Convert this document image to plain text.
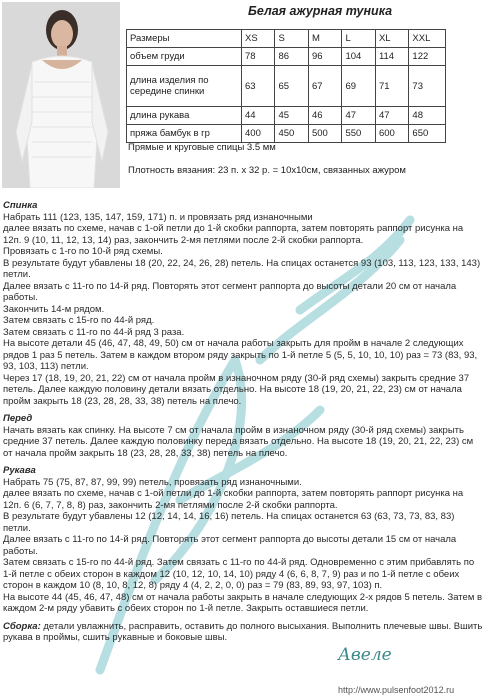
Белая ажурная туника
Размеры	XS	S	M	L	XL	XXL
объем груди	78	86	96	104	114	122
длина изделия по середине спинки	63	65	67	69	71	73
длина рукава	44	45	46	47	47	48
пряжа бамбук в гр	400	450	500	550	600	650
Прямые и круговые спицы 3.5 мм
Плотность вязания: 23 п. х 32 р. = 10х10см, связанных ажуром
Спинка

Набрать 111 (123, 135, 147, 159, 171) п. и провязать ряд изнаночными

далее вязать по схеме, начав с 1-ой петли до 1-й скобки раппорта, затем повторять раппорт рисунка на 12п. 9 (10, 11, 12, 13, 14) раз, закончить 2-мя петлями после 2-й скобки раппорта.

Провязать с 1-го по 10-й ряд схемы.

В результате будут убавлены 18 (20, 22, 24, 26, 28) петель. На спицах останется 93 (103, 113, 123, 133, 143) петли.

Далее вязать с 11-го по 14-й ряд. Повторять этот сегмент раппорта до высоты детали 20 см от начала работы.

Закончить 14-м рядом.

Затем связать с 15-го по 44-й ряд.

Затем связать с 11-го по 44-й ряд 3 раза.

На высоте детали 45 (46, 47, 48, 49, 50) см от начала работы закрыть для пройм в начале 2 следующих рядов 1 раз 5 петель. Затем в каждом втором ряду закрыть по 1-й петле 5 (5, 5, 10, 10, 10) раз = 73 (83, 93, 93, 103, 113) петли.

Через 17 (18, 19, 20, 21, 22) см от начала пройм в изнаночном ряду (30-й ряд схемы) закрыть средние 37 петель. Далее каждую половину детали вязать отдельно. На высоте 18 (19, 20, 21, 22, 23) см от начала пройм закрыть 18 (23, 28, 28, 33, 38) петель на плечо.

Перед

Начать вязать как спинку. На высоте 7 см от начала пройм в изнаночном ряду (30-й ряд схемы) закрыть средние 37 петель. Далее каждую половинку переда вязать отдельно. На высоте 18 (19, 20, 21, 22, 23) см от начала пройм закрыть 18 (23, 28, 28, 33, 38) петель на плечо.

Рукава

Набрать 75 (75, 87, 87, 99, 99) петель, провязать ряд изнаночными.

далее вязать по схеме, начав с 1-ой петли до 1-й скобки раппорта, затем повторять раппорт рисунка на 12п. 6 (6, 7, 7, 8, 8) раз, закончить 2-мя петлями после 2-й скобки раппорта.

В результате будут убавлены 12 (12, 14, 14, 16, 16) петель. На спицах останется 63 (63, 73, 73, 83, 83) петли.

Далее вязать с 11-го по 14-й ряд. Повторять этот сегмент раппорта до высоты детали 15 см от начала работы.

Затем связать с 15-го по 44-й ряд. Затем связать с 11-го по 44-й ряд. Одновременно с этим прибавлять по 1-й петле с обеих сторон в каждом 12 (10, 12, 10, 14, 10) ряду 4 (6, 6, 8, 7, 9) раз и по 1-й петле с обеих сторон в каждом 10 (8, 10, 8, 12, 8) ряду 4 (4, 2, 2, 0, 0) раз = 79 (83, 89, 93, 97, 103) п.

На высоте 44 (45, 46, 47, 48) см от начала работы закрыть в начале следующих 2-х рядов 5 петель. Затем в каждом 2-м ряду убавить с обеих сторон по 1-й петле. Закрыть оставшиеся петли.

Сборка: детали увлажнить, расправить, оставить до полного высыхания. Выполнить плечевые швы. Вшить рукава в проймы, сшить рукавные и боковые швы.

Авеле
http://www.pulsenfoot2012.ru
